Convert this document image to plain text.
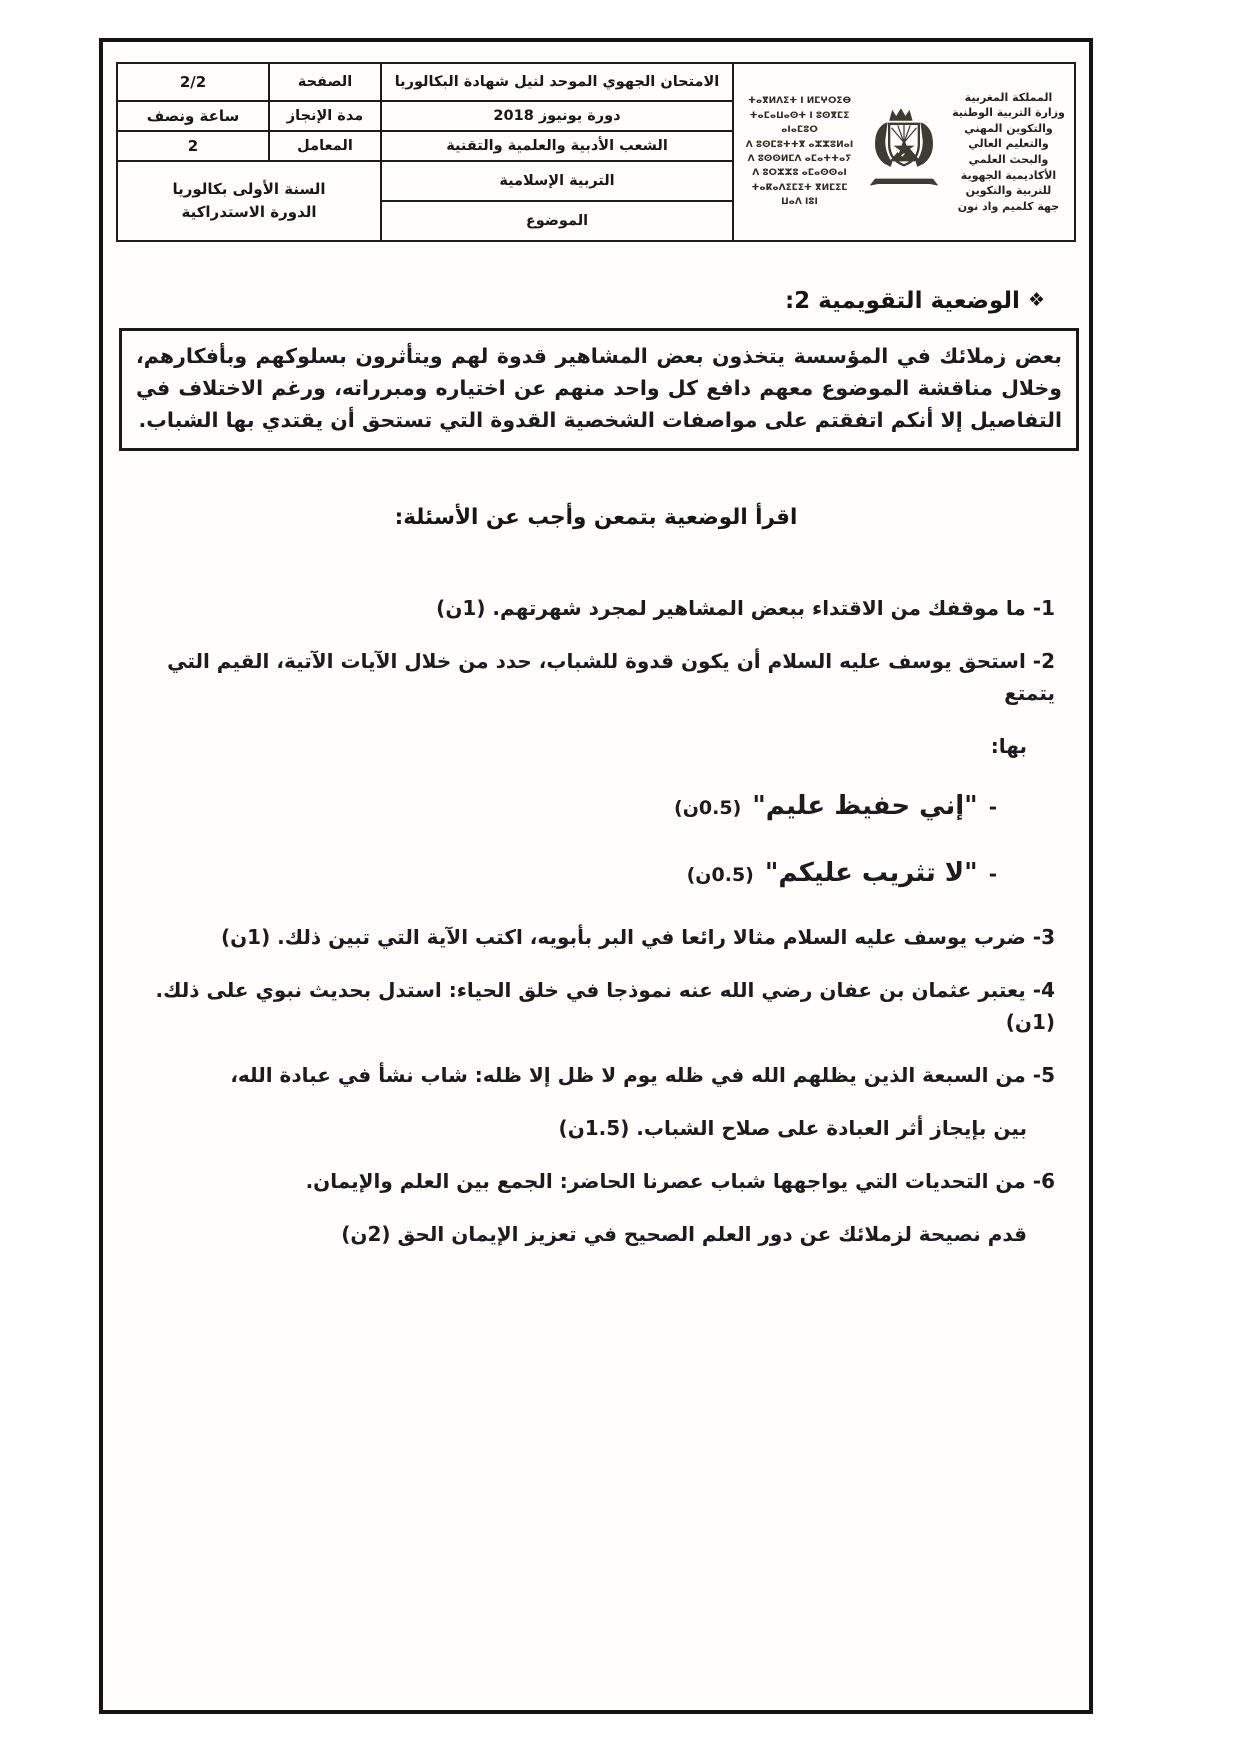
المملكة المغربية
وزارة التربية الوطنية
والتكوين المهني
والتعليم العالي والبحث العلمي
الأكاديمية الجهوية للتربية والتكوين
جهة كلميم واد نون
ⵜⴰⴳⵍⴷⵉⵜ ⵏ ⵍⵎⵖⵔⵉⴱ
ⵜⴰⵎⴰⵡⴰⵙⵜ ⵏ ⵓⵙⴳⵎⵉ ⴰⵏⴰⵎⵓⵔ
ⴷ ⵓⵙⵎⵓⵜⵜⴳ ⴰⵣⵣⵓⵍⴰⵏ
ⴷ ⵓⵙⵙⵍⵎⴷ ⴰⵎⴰⵜⵜⴰⵢ
ⴷ ⵓⵔⵣⵣⵓ ⴰⵎⴰⵙⵙⴰⵏ
ⵜⴰⴽⴰⴷⵉⵎⵉⵜ ⴳⵍⵎⵉⵎ ⵡⴰⴷ ⵏⵓⵏ
	الامتحان الجهوي الموحد لنيل شهادة البكالوريا	الصفحة	2/2
	دورة يونيوز 2018	مدة الإنجاز	ساعة ونصف
	الشعب الأدبية والعلمية والتقنية	المعامل	2
	التربية الإسلامية	السنة الأولى بكالوريا
الدورة الاستدراكية	

	الموضوع		
❖الوضعية التقويمية 2:
بعض زملائك في المؤسسة يتخذون بعض المشاهير قدوة لهم ويتأثرون بسلوكهم وبأفكارهم، وخلال مناقشة الموضوع معهم دافع كل واحد منهم عن اختياره ومبرراته، ورغم الاختلاف في التفاصيل إلا أنكم اتفقتم على مواصفات الشخصية القدوة التي تستحق أن يقتدي بها الشباب.
اقرأ الوضعية بتمعن وأجب عن الأسئلة:
1- ما موقفك من الاقتداء ببعض المشاهير لمجرد شهرتهم. (1ن)
2- استحق يوسف عليه السلام أن يكون قدوة للشباب، حدد من خلال الآيات الآتية، القيم التي يتمتع
بها:
- "إني حفيظ عليم" (0.5ن)
- "لا تثريب عليكم" (0.5ن)
3- ضرب يوسف عليه السلام مثالا رائعا في البر بأبويه، اكتب الآية التي تبين ذلك. (1ن)
4- يعتبر عثمان بن عفان رضي الله عنه نموذجا في خلق الحياء: استدل بحديث نبوي على ذلك. (1ن)
5- من السبعة الذين يظلهم الله في ظله يوم لا ظل إلا ظله: شاب نشأ في عبادة الله،
بين بإيجاز أثر العبادة على صلاح الشباب. (1.5ن)
6- من التحديات التي يواجهها شباب عصرنا الحاضر: الجمع بين العلم والإيمان.
قدم نصيحة لزملائك عن دور العلم الصحيح في تعزيز الإيمان الحق (2ن)
